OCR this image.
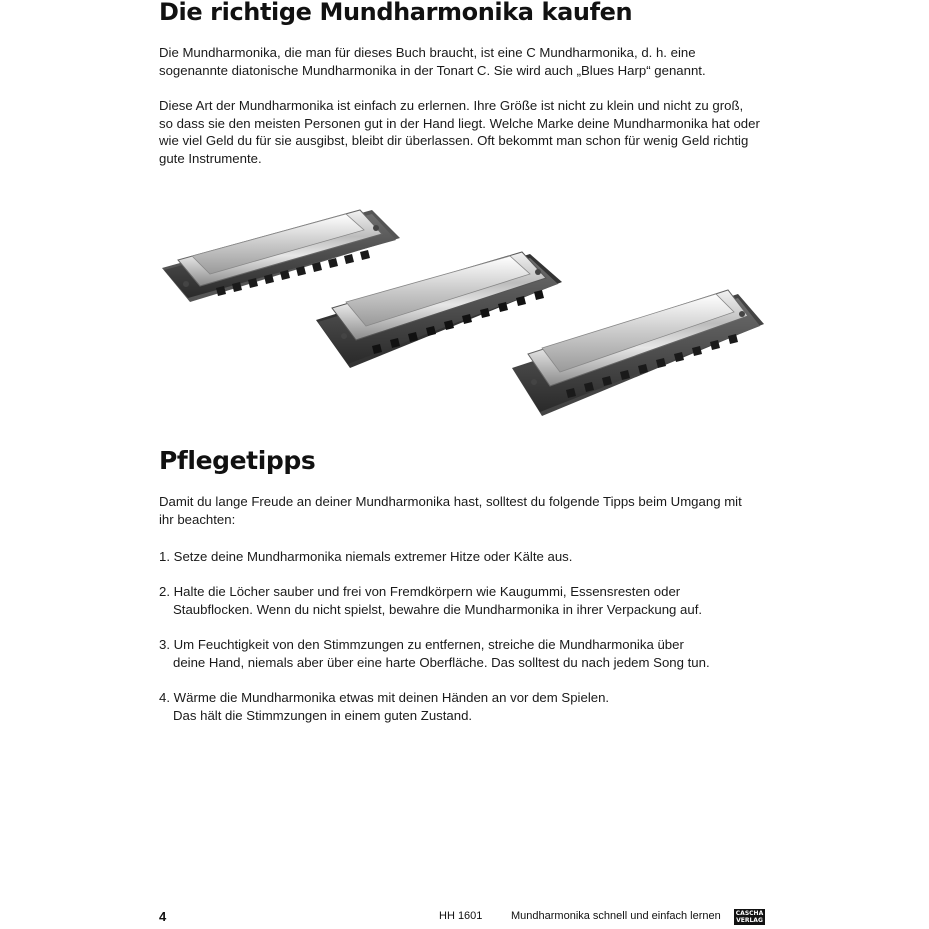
Die richtige Mundharmonika kaufen
Die Mundharmonika, die man für dieses Buch braucht, ist eine C Mundharmonika, d. h. eine
sogenannte diatonische Mundharmonika in der Tonart C. Sie wird auch „Blues Harp“ genannt.
Diese Art der Mundharmonika ist einfach zu erlernen. Ihre Größe ist nicht zu klein und nicht zu groß,
so dass sie den meisten Personen gut in der Hand liegt. Welche Marke deine Mundharmonika hat oder
wie viel Geld du für sie ausgibst, bleibt dir überlassen. Oft bekommt man schon für wenig Geld richtig
gute Instrumente.
Pflegetipps
Damit du lange Freude an deiner Mundharmonika hast, solltest du folgende Tipps beim Umgang mit
ihr beachten:
1. Setze deine Mundharmonika niemals extremer Hitze oder Kälte aus.
2. Halte die Löcher sauber und frei von Fremdkörpern wie Kaugummi, Essensresten oder
Staubflocken. Wenn du nicht spielst, bewahre die Mundharmonika in ihrer Verpackung auf.
3. Um Feuchtigkeit von den Stimmzungen zu entfernen, streiche die Mundharmonika über
deine Hand, niemals aber über eine harte Oberfläche. Das solltest du nach jedem Song tun.
4. Wärme die Mundharmonika etwas mit deinen Händen an vor dem Spielen.
Das hält die Stimmzungen in einem guten Zustand.
4	HH 1601	Mundharmonika schnell und einfach lernen	CASCHA
VERLAG
